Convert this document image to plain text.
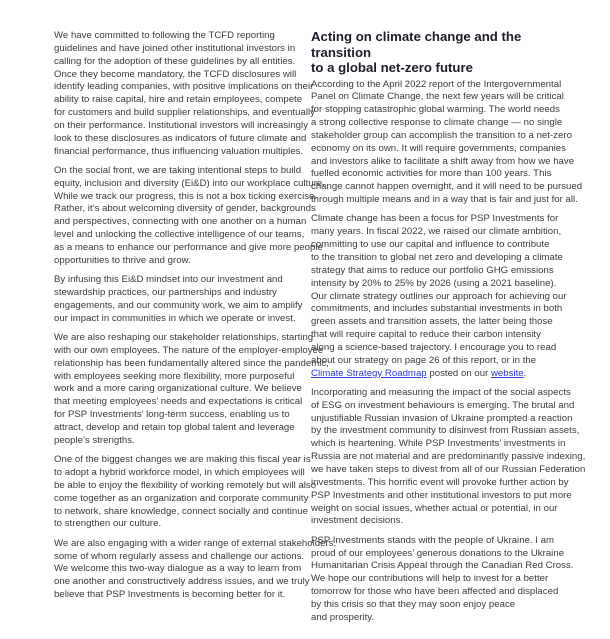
We have committed to following the TCFD reporting
guidelines and have joined other institutional investors in
calling for the adoption of these guidelines by all entities.
Once they become mandatory, the TCFD disclosures will
identify leading companies, with positive implications on their
ability to raise capital, hire and retain employees, compete
for customers and build supplier relationships, and eventually
on their performance. Institutional investors will increasingly
look to these disclosures as indicators of future climate and
financial performance, thus influencing valuation multiples.
On the social front, we are taking intentional steps to build
equity, inclusion and diversity (Ei&D) into our workplace culture.
While we track our progress, this is not a box ticking exercise.
Rather, it’s about welcoming diversity of gender, backgrounds
and perspectives, connecting with one another on a human
level and unlocking the collective intelligence of our teams,
as a means to enhance our performance and give more people
opportunities to thrive and grow.
By infusing this Ei&D mindset into our investment and
stewardship practices, our partnerships and industry
engagements, and our community work, we aim to amplify
our impact in communities in which we operate or invest.
We are also reshaping our stakeholder relationships, starting
with our own employees. The nature of the employer-employee
relationship has been fundamentally altered since the pandemic,
with employees seeking more flexibility, more purposeful
work and a more caring organizational culture. We believe
that meeting employees’ needs and expectations is critical
for PSP Investments’ long-term success, enabling us to
attract, develop and retain top global talent and leverage
people’s strengths.
One of the biggest changes we are making this fiscal year is
to adopt a hybrid workforce model, in which employees will
be able to enjoy the flexibility of working remotely but will also
come together as an organization and corporate community
to network, share knowledge, connect socially and continue
to strengthen our culture.
We are also engaging with a wider range of external stakeholders,
some of whom regularly assess and challenge our actions.
We welcome this two-way dialogue as a way to learn from
one another and constructively address issues, and we truly
believe that PSP Investments is becoming better for it.
Acting on climate change and the transition
to a global net-zero future
According to the April 2022 report of the Intergovernmental
Panel on Climate Change, the next few years will be critical
for stopping catastrophic global warming. The world needs
a strong collective response to climate change — no single
stakeholder group can accomplish the transition to a net-zero
economy on its own. It will require governments, companies
and investors alike to facilitate a shift away from how we have
fuelled economic activities for more than 100 years. This
change cannot happen overnight, and it will need to be pursued
through multiple means and in a way that is fair and just for all.
Climate change has been a focus for PSP Investments for
many years. In fiscal 2022, we raised our climate ambition,
committing to use our capital and influence to contribute
to the transition to global net zero and developing a climate
strategy that aims to reduce our portfolio GHG emissions
intensity by 20% to 25% by 2026 (using a 2021 baseline).
Our climate strategy outlines our approach for achieving our
commitments, and includes substantial investments in both
green assets and transition assets, the latter being those
that will require capital to reduce their carbon intensity
along a science-based trajectory. I encourage you to read
about our strategy on page 26 of this report, or in the
Climate Strategy Roadmap posted on our website.
Incorporating and measuring the impact of the social aspects
of ESG on investment behaviours is emerging. The brutal and
unjustifiable Russian invasion of Ukraine prompted a reaction
by the investment community to disinvest from Russian assets,
which is heartening. While PSP Investments’ investments in
Russia are not material and are predominantly passive indexing,
we have taken steps to divest from all of our Russian Federation
investments. This horrific event will provoke further action by
PSP Investments and other institutional investors to put more
weight on social issues, whether actual or potential, in our
investment decisions.
PSP Investments stands with the people of Ukraine. I am
proud of our employees’ generous donations to the Ukraine
Humanitarian Crisis Appeal through the Canadian Red Cross.
We hope our contributions will help to invest for a better
tomorrow for those who have been affected and displaced
by this crisis so that they may soon enjoy peace
and prosperity.
